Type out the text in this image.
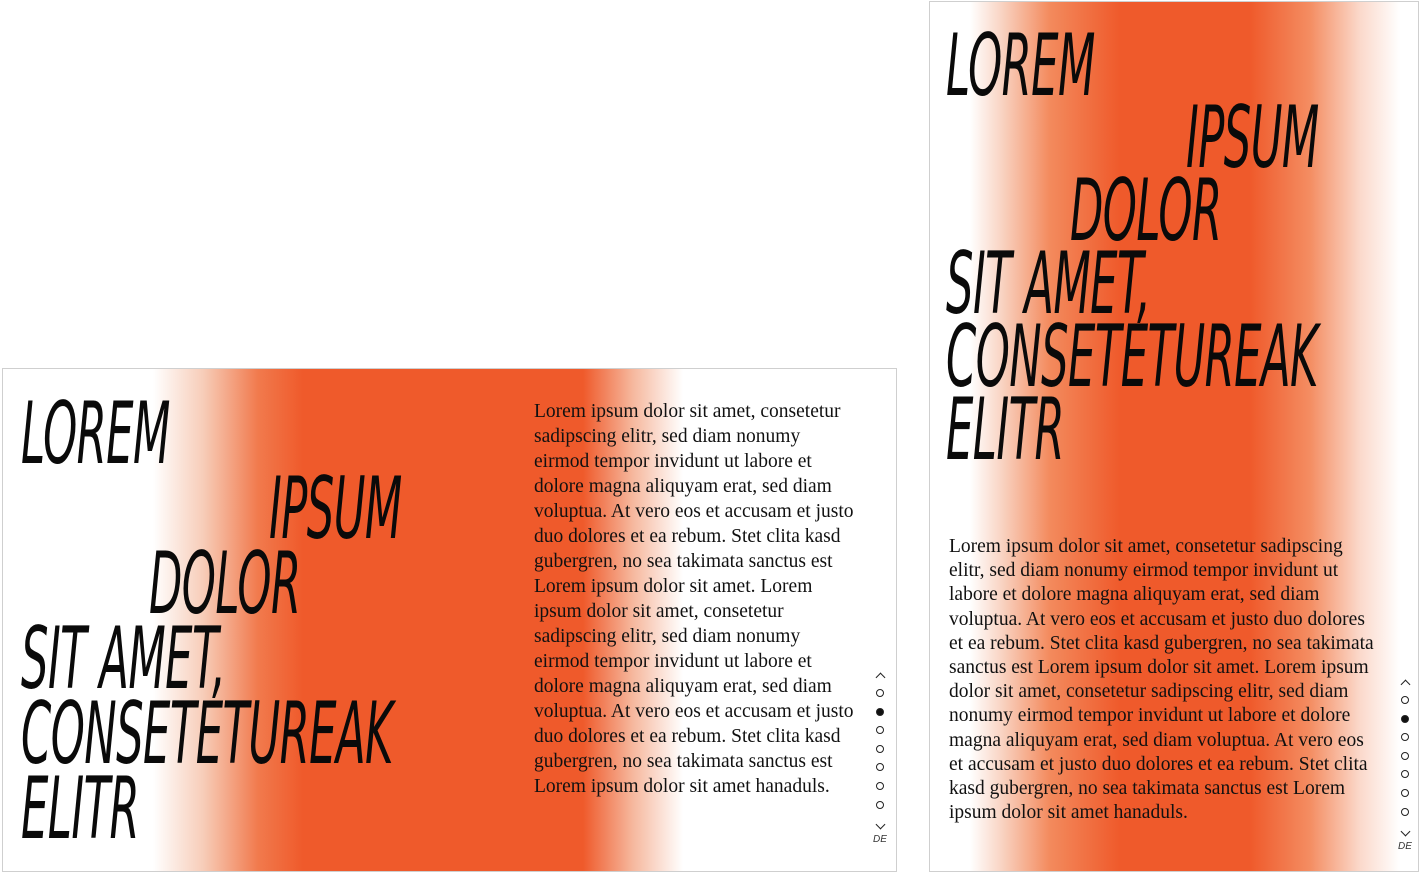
LOREM
IPSUM
DOLOR
SIT AMET,
CONSETETUREAK
ELITR

Lorem ipsum dolor sit amet, consetetur sadipscing elitr, sed diam nonumy eirmod tempor invidunt ut labore et dolore magna aliquyam erat, sed diam voluptua. At vero eos et accusam et justo duo dolores et ea rebum. Stet clita kasd gubergren, no sea takimata sanctus est Lorem ipsum dolor sit amet. Lorem ipsum dolor sit amet, consetetur sadipscing elitr, sed diam nonumy eirmod tempor invidunt ut labore et dolore magna aliquyam erat, sed diam voluptua. At vero eos et accusam et justo duo dolores et ea rebum. Stet clita kasd gubergren, no sea takimata sanctus est Lorem ipsum dolor sit amet hanaduls.

DE
LOREM
IPSUM
DOLOR
SIT AMET,
CONSETETUREAK
ELITR

Lorem ipsum dolor sit amet, consetetur sadipscing elitr, sed diam nonumy eirmod tempor invidunt ut labore et dolore magna aliquyam erat, sed diam voluptua. At vero eos et accusam et justo duo dolores et ea rebum. Stet clita kasd gubergren, no sea takimata sanctus est Lorem ipsum dolor sit amet. Lorem ipsum dolor sit amet, consetetur sadipscing elitr, sed diam nonumy eirmod tempor invidunt ut labore et dolore magna aliquyam erat, sed diam voluptua. At vero eos et accusam et justo duo dolores et ea rebum. Stet clita kasd gubergren, no sea takimata sanctus est Lorem ipsum dolor sit amet hanaduls.

DE
